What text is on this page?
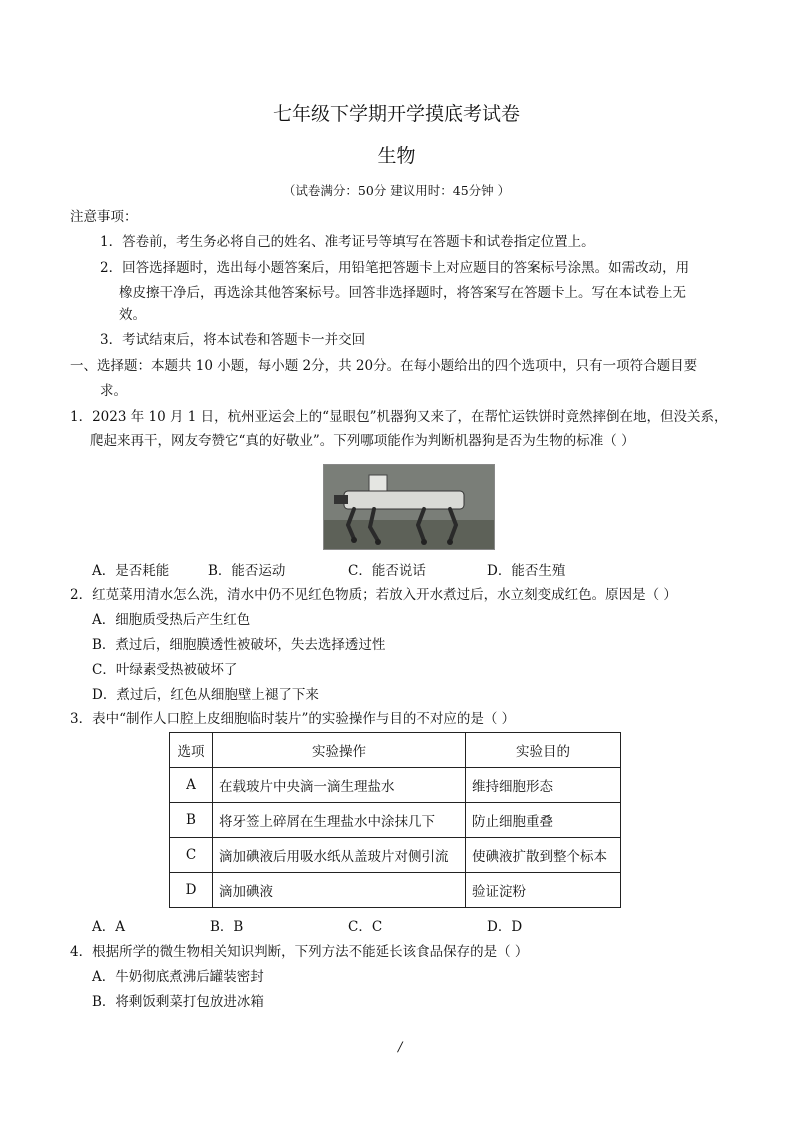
七年级下学期开学摸底考试卷
生物
（试卷满分：50分 建议用时：45分钟 ）
注意事项：
1．答卷前，考生务必将自己的姓名、准考证号等填写在答题卡和试卷指定位置上。
2．回答选择题时，选出每小题答案后，用铅笔把答题卡上对应题目的答案标号涂黑。如需改动，用
橡皮擦干净后，再选涂其他答案标号。回答非选择题时，将答案写在答题卡上。写在本试卷上无
效。
3．考试结束后，将本试卷和答题卡一并交回
一、选择题：本题共 10 小题，每小题 2分，共 20分。在每小题给出的四个选项中，只有一项符合题目要
求。
1．2023 年 10 月 1 日，杭州亚运会上的“显眼包”机器狗又来了，在帮忙运铁饼时竟然摔倒在地，但没关系，
爬起来再干，网友夸赞它“真的好敬业”。下列哪项能作为判断机器狗是否为生物的标准（ ）
A．是否耗能	B．能否运动	C．能否说话	D．能否生殖
2．红苋菜用清水怎么洗，清水中仍不见红色物质；若放入开水煮过后，水立刻变成红色。原因是（ ）
A．细胞质受热后产生红色
B．煮过后，细胞膜透性被破坏，失去选择透过性
C．叶绿素受热被破坏了
D．煮过后，红色从细胞壁上褪了下来
3．表中“制作人口腔上皮细胞临时装片”的实验操作与目的不对应的是（ ）
选项	实验操作	实验目的
A	在载玻片中央滴一滴生理盐水	维持细胞形态
B	将牙签上碎屑在生理盐水中涂抹几下	防止细胞重叠
C	滴加碘液后用吸水纸从盖玻片对侧引流	使碘液扩散到整个标本
D	滴加碘液	验证淀粉
A．A	B．B	C．C	D．D
4．根据所学的微生物相关知识判断，下列方法不能延长该食品保存的是（ ）
A．牛奶彻底煮沸后罐装密封
B．将剩饭剩菜打包放进冰箱
/
